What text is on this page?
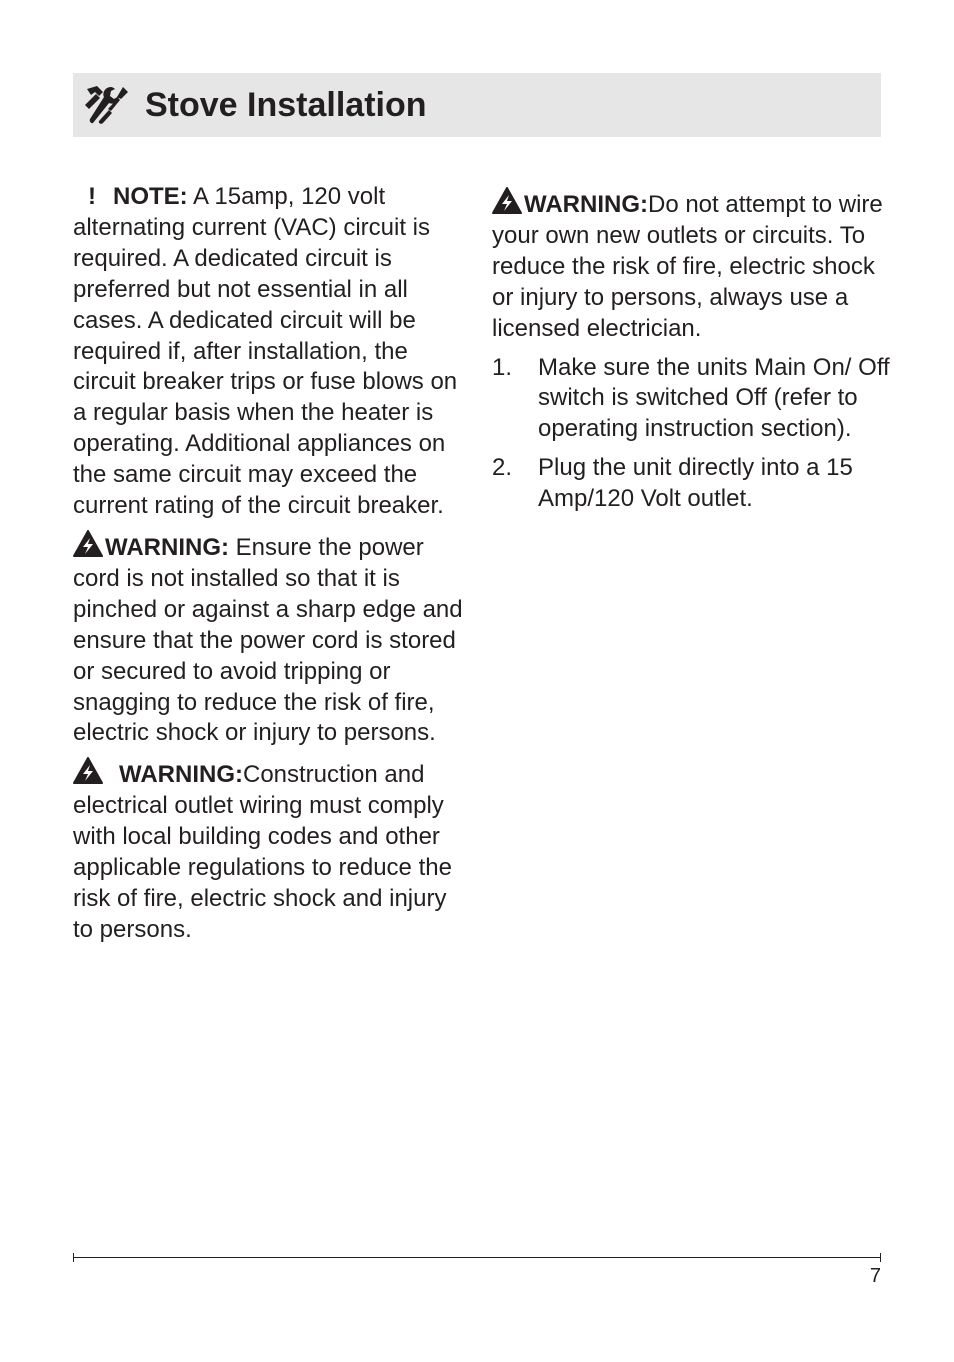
Stove Installation

! NOTE: A 15amp, 120 volt alternating current (VAC) circuit is required. A dedicated circuit is preferred but not essential in all cases. A dedicated circuit will be required if, after installation, the circuit breaker trips or fuse blows on a regular basis when the heater is operating. Additional appliances on the same circuit may exceed the current rating of the circuit breaker.

WARNING: Ensure the power cord is not installed so that it is pinched or against a sharp edge and ensure that the power cord is stored or secured to avoid tripping or snagging to reduce the risk of fire, electric shock or injury to persons.

WARNING:Construction and electrical outlet wiring must comply with local building codes and other applicable regulations to reduce the risk of fire, electric shock and injury to persons.

WARNING:Do not attempt to wire your own new outlets or circuits. To reduce the risk of fire, electric shock or injury to persons, always use a licensed electrician.

1.	Make sure the units Main On/ Off switch is switched Off (refer to operating instruction section).
2.	Plug the unit directly into a 15 Amp/120 Volt outlet.
7
